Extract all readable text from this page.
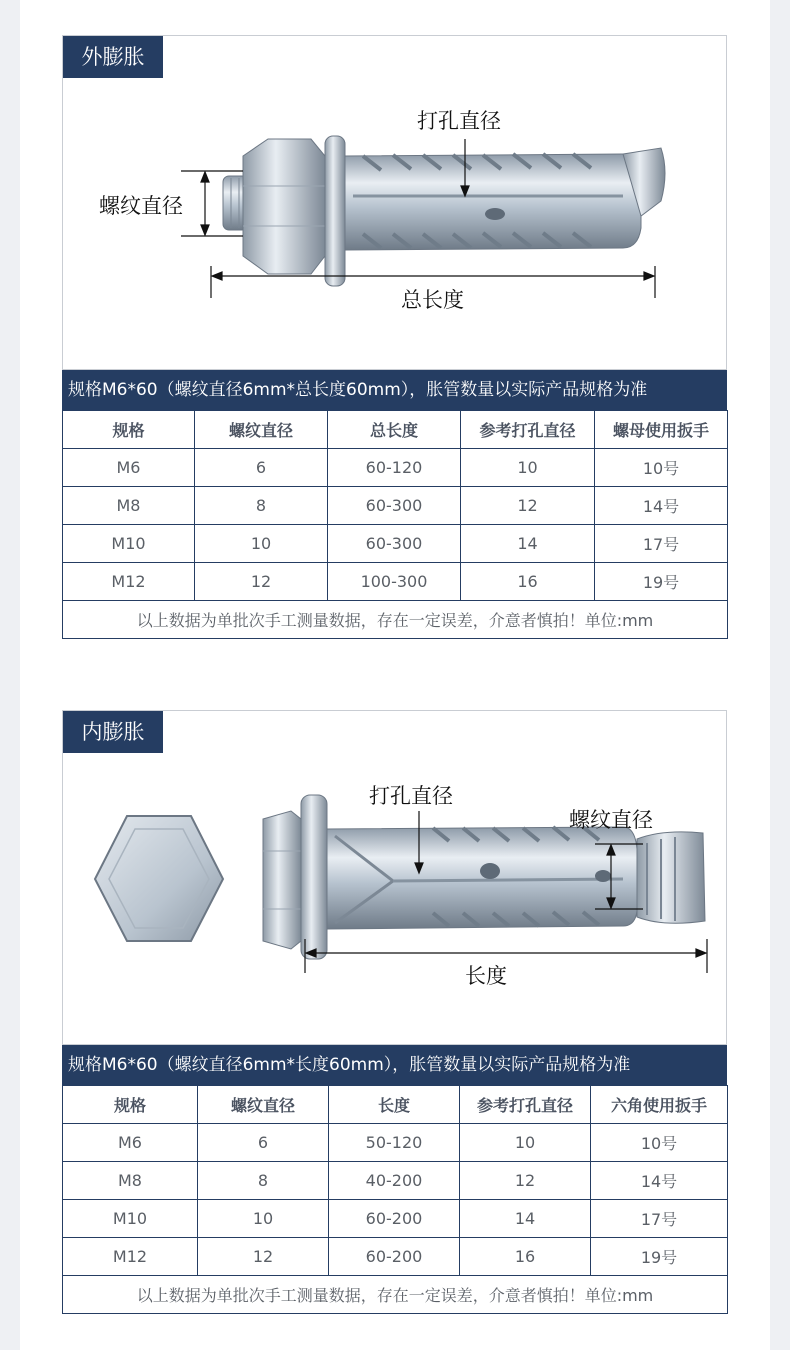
外膨胀
螺纹直径
打孔直径
总长度
规格M6*60（螺纹直径6mm*总长度60mm），胀管数量以实际产品规格为准
规格	螺纹直径	总长度	参考打孔直径	螺母使用扳手
M6	6	60-120	10	10号
M8	8	60-300	12	14号
M10	10	60-300	14	17号
M12	12	100-300	16	19号
以上数据为单批次手工测量数据，存在一定误差，介意者慎拍！单位:mm				
内膨胀
打孔直径
螺纹直径
长度
规格M6*60（螺纹直径6mm*长度60mm），胀管数量以实际产品规格为准
规格	螺纹直径	长度	参考打孔直径	六角使用扳手
M6	6	50-120	10	10号
M8	8	40-200	12	14号
M10	10	60-200	14	17号
M12	12	60-200	16	19号
以上数据为单批次手工测量数据，存在一定误差，介意者慎拍！单位:mm				
